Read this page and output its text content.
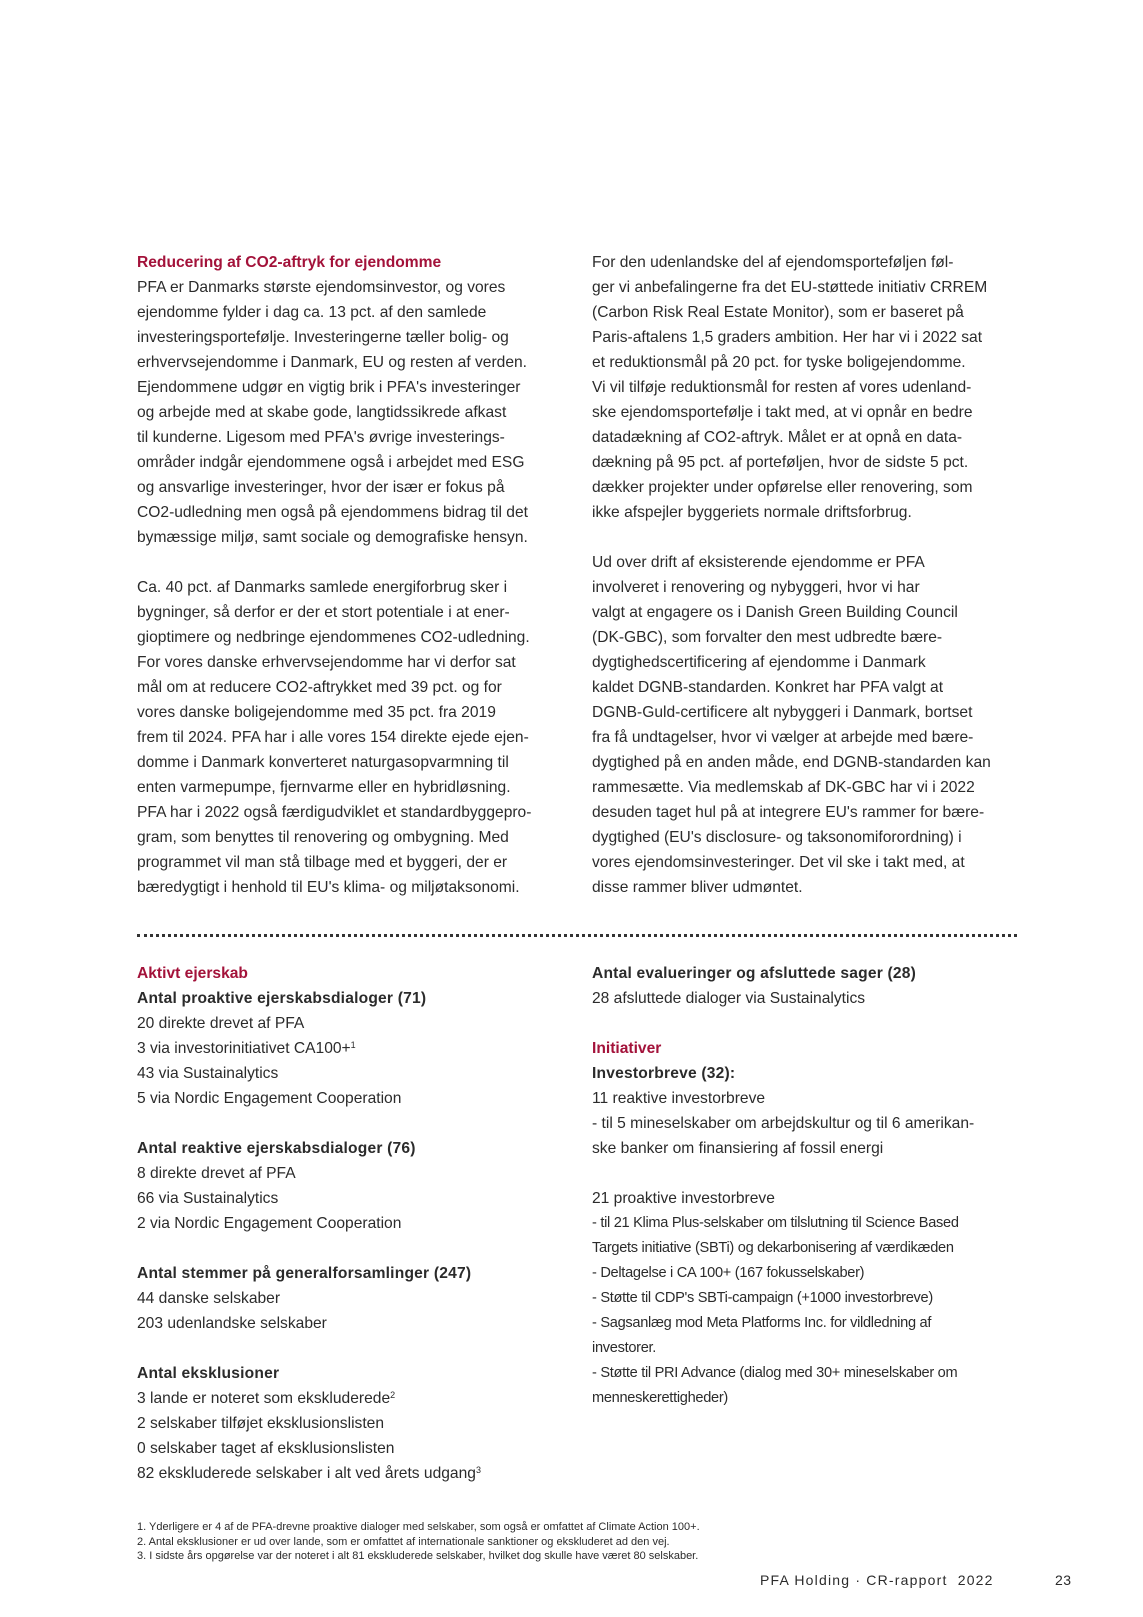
Reducering af CO2-aftryk for ejendomme
PFA er Danmarks største ejendomsinvestor, og vores
ejendomme fylder i dag ca. 13 pct. af den samlede
investeringsportefølje. Investeringerne tæller bolig- og
erhvervsejendomme i Danmark, EU og resten af verden.
Ejendommene udgør en vigtig brik i PFA's investeringer
og arbejde med at skabe gode, langtidssikrede afkast
til kunderne. Ligesom med PFA's øvrige investerings-
områder indgår ejendommene også i arbejdet med ESG
og ansvarlige investeringer, hvor der især er fokus på
CO2-udledning men også på ejendommens bidrag til det
bymæssige miljø, samt sociale og demografiske hensyn.
Ca. 40 pct. af Danmarks samlede energiforbrug sker i
bygninger, så derfor er der et stort potentiale i at ener-
gioptimere og nedbringe ejendommenes CO2-udledning.
For vores danske erhvervsejendomme har vi derfor sat
mål om at reducere CO2-aftrykket med 39 pct. og for
vores danske boligejendomme med 35 pct. fra 2019
frem til 2024. PFA har i alle vores 154 direkte ejede ejen-
domme i Danmark konverteret naturgasopvarmning til
enten varmepumpe, fjernvarme eller en hybridløsning.
PFA har i 2022 også færdigudviklet et standardbyggepro-
gram, som benyttes til renovering og ombygning. Med
programmet vil man stå tilbage med et byggeri, der er
bæredygtigt i henhold til EU's klima- og miljøtaksonomi.
For den udenlandske del af ejendomsporteføljen føl-
ger vi anbefalingerne fra det EU-støttede initiativ CRREM
(Carbon Risk Real Estate Monitor), som er baseret på
Paris-aftalens 1,5 graders ambition. Her har vi i 2022 sat
et reduktionsmål på 20 pct. for tyske boligejendomme.
Vi vil tilføje reduktionsmål for resten af vores udenland-
ske ejendomsportefølje i takt med, at vi opnår en bedre
datadækning af CO2-aftryk. Målet er at opnå en data-
dækning på 95 pct. af porteføljen, hvor de sidste 5 pct.
dækker projekter under opførelse eller renovering, som
ikke afspejler byggeriets normale driftsforbrug.
Ud over drift af eksisterende ejendomme er PFA
involveret i renovering og nybyggeri, hvor vi har
valgt at engagere os i Danish Green Building Council
(DK-GBC), som forvalter den mest udbredte bære-
dygtighedscertificering af ejendomme i Danmark
kaldet DGNB-standarden. Konkret har PFA valgt at
DGNB-Guld-certificere alt nybyggeri i Danmark, bortset
fra få undtagelser, hvor vi vælger at arbejde med bære-
dygtighed på en anden måde, end DGNB-standarden kan
rammesætte. Via medlemskab af DK-GBC har vi i 2022
desuden taget hul på at integrere EU's rammer for bære-
dygtighed (EU's disclosure- og taksonomiforordning) i
vores ejendomsinvesteringer. Det vil ske i takt med, at
disse rammer bliver udmøntet.
Aktivt ejerskab
Antal proaktive ejerskabsdialoger (71)
20 direkte drevet af PFA
3 via investorinitiativet CA100+$^1$
43 via Sustainalytics
5 via Nordic Engagement Cooperation
Antal reaktive ejerskabsdialoger (76)
8 direkte drevet af PFA
66 via Sustainalytics
2 via Nordic Engagement Cooperation
Antal stemmer på generalforsamlinger (247)
44 danske selskaber
203 udenlandske selskaber
Antal eksklusioner
3 lande er noteret som ekskluderede$^2$
2 selskaber tilføjet eksklusionslisten
0 selskaber taget af eksklusionslisten
82 ekskluderede selskaber i alt ved årets udgang$^3$
Antal evalueringer og afsluttede sager (28)
28 afsluttede dialoger via Sustainalytics
Initiativer
Investorbreve (32):
11 reaktive investorbreve
- til 5 mineselskaber om arbejdskultur og til 6 amerikan-
ske banker om finansiering af fossil energi
21 proaktive investorbreve
- til 21 Klima Plus-selskaber om tilslutning til Science Based
Targets initiative (SBTi) og dekarbonisering af værdikæden
- Deltagelse i CA 100+ (167 fokusselskaber)
- Støtte til CDP's SBTi-campaign (+1000 investorbreve)
- Sagsanlæg mod Meta Platforms Inc. for vildledning af
investorer.
- Støtte til PRI Advance (dialog med 30+ mineselskaber om
menneskerettigheder)
1. Yderligere er 4 af de PFA-drevne proaktive dialoger med selskaber, som også er omfattet af Climate Action 100+.
2. Antal eksklusioner er ud over lande, som er omfattet af internationale sanktioner og ekskluderet ad den vej.
3. I sidste års opgørelse var der noteret i alt 81 ekskluderede selskaber, hvilket dog skulle have været 80 selskaber.
PFA Holding · CR-rapport  2022	23
